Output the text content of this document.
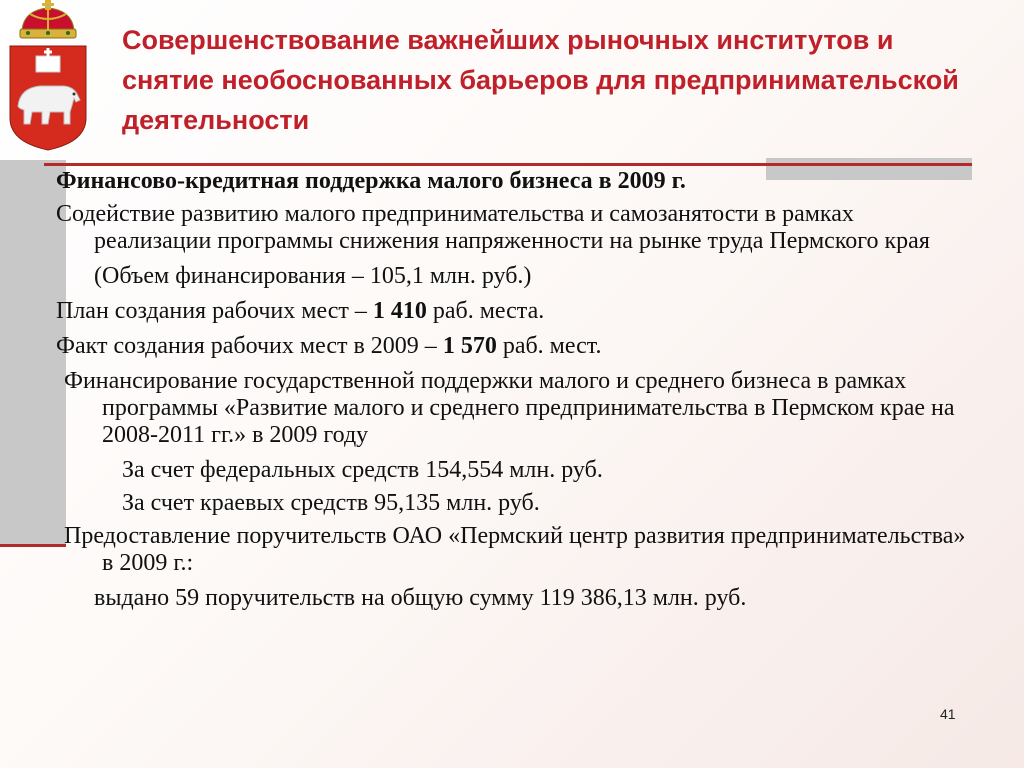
Совершенствование важнейших рыночных институтов и снятие необоснованных барьеров для предпринимательской деятельности

Финансово-кредитная поддержка малого бизнеса в 2009 г.

Содействие развитию малого предпринимательства и самозанятости в рамках реализации программы снижения напряженности на рынке труда Пермского края

(Объем финансирования – 105,1 млн. руб.)

План создания рабочих мест – 1 410 раб. места.

Факт создания рабочих мест в 2009 – 1 570 раб. мест.

Финансирование государственной поддержки малого и среднего бизнеса в рамках программы «Развитие малого и среднего предпринимательства в Пермском крае на 2008-2011 гг.» в 2009 году

За счет федеральных средств 154,554 млн. руб.

За счет краевых средств 95,135 млн. руб.

Предоставление поручительств ОАО «Пермский центр развития предпринимательства» в 2009 г.:

выдано 59 поручительств на общую сумму 119 386,13 млн. руб.

41
